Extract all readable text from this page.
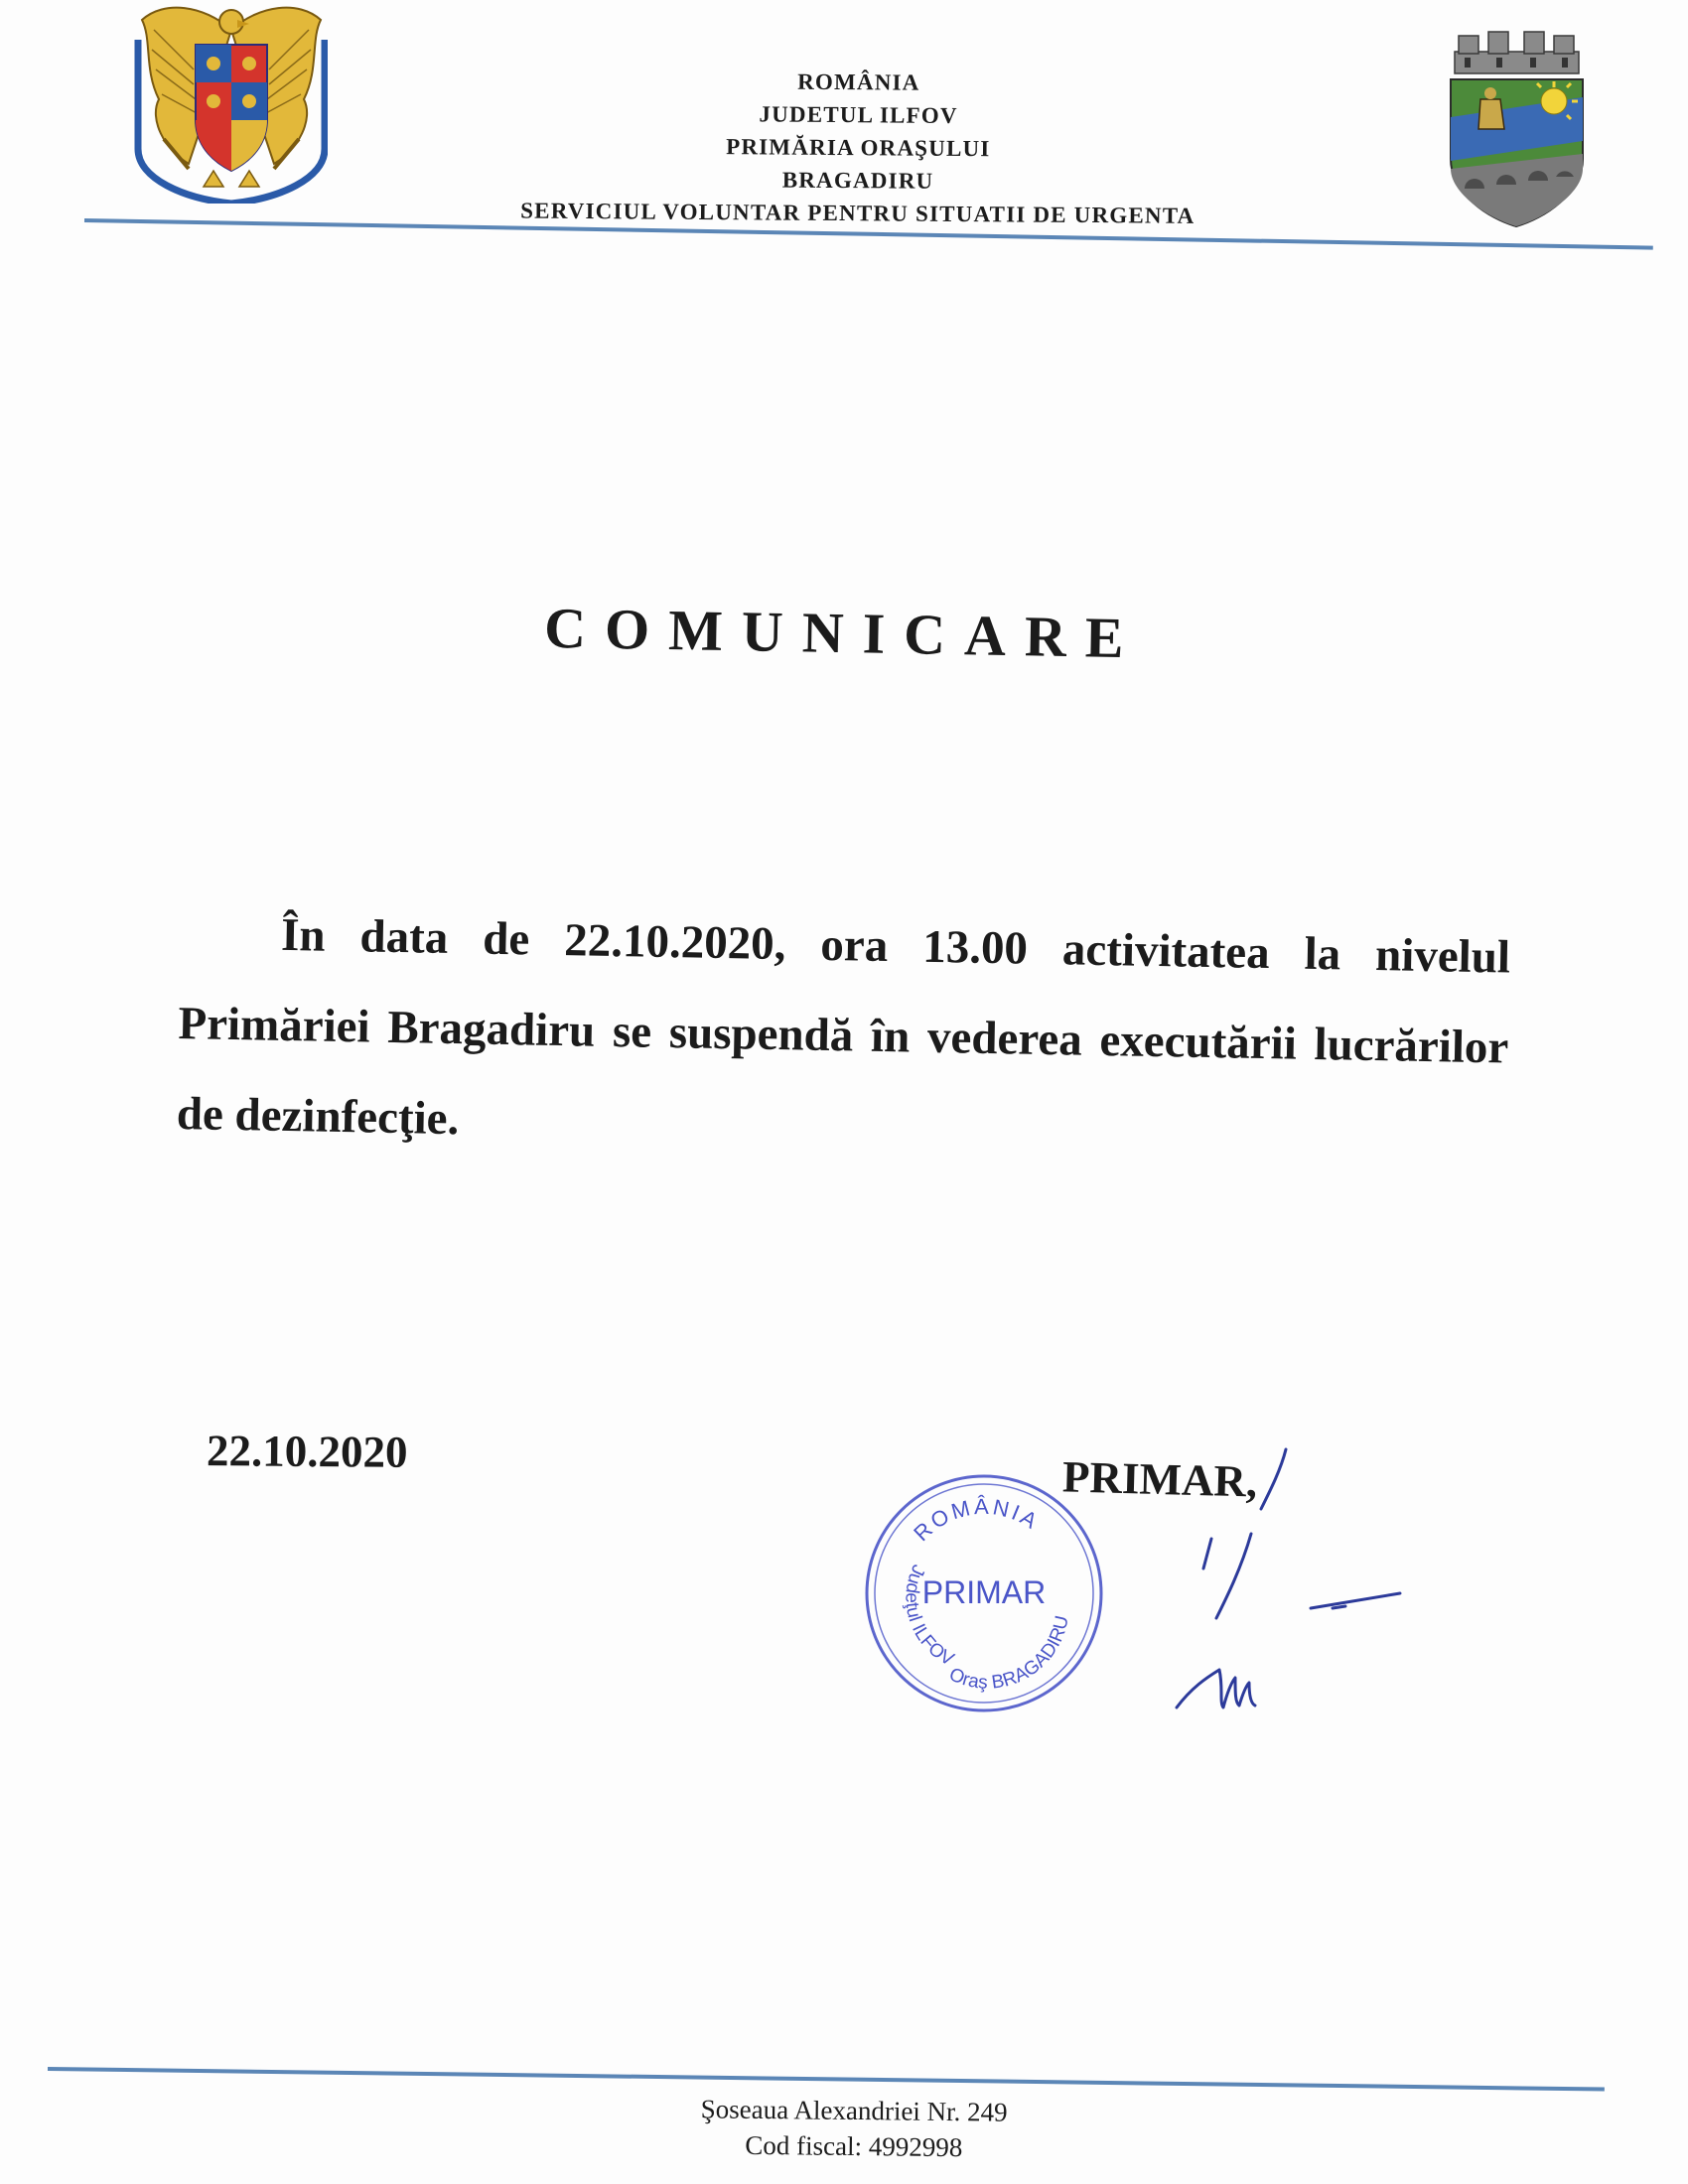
ROMÂNIA
JUDETUL ILFOV
PRIMĂRIA ORAŞULUI
BRAGADIRU
SERVICIUL VOLUNTAR PENTRU SITUATII DE URGENTA
COMUNICARE
În data de 22.10.2020, ora 13.00 activitatea la nivelul Primăriei Bragadiru se suspendă în vederea executării lucrărilor de dezinfecţie.
22.10.2020
PRIMAR,
ROMÂNIA
Judeţul ILFOV
Oraş BRAGADIRU
PRIMAR
Şoseaua Alexandriei Nr. 249
Cod fiscal: 4992998
